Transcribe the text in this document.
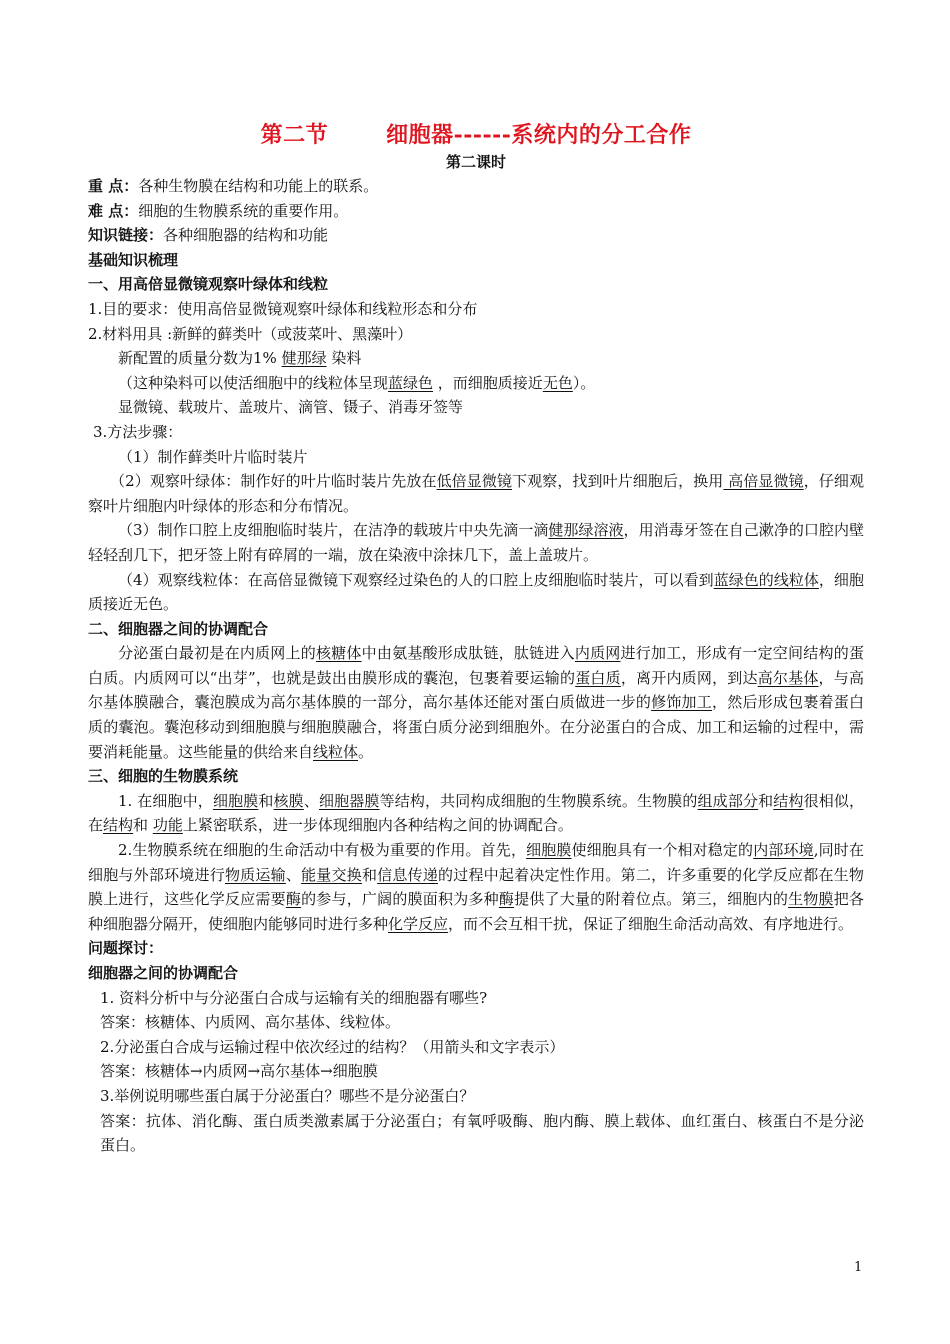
第二节	细胞器------系统内的分工合作
第二课时

重 点：各种生物膜在结构和功能上的联系。

难 点：细胞的生物膜系统的重要作用。

知识链接：各种细胞器的结构和功能

基础知识梳理

一、用高倍显微镜观察叶绿体和线粒

1.目的要求：使用高倍显微镜观察叶绿体和线粒形态和分布

2.材料用具 :新鲜的藓类叶（或菠菜叶、黑藻叶）

新配置的质量分数为1% 健那绿 染料

（这种染料可以使活细胞中的线粒体呈现蓝绿色 ，而细胞质接近无色）。

显微镜、载玻片、盖玻片、滴管、镊子、消毒牙签等

3.方法步骤：

（1）制作藓类叶片临时装片

（2）观察叶绿体：制作好的叶片临时装片先放在低倍显微镜下观察，找到叶片细胞后，换用 高倍显微镜，仔细观察叶片细胞内叶绿体的形态和分布情况。

（3）制作口腔上皮细胞临时装片，在洁净的载玻片中央先滴一滴健那绿溶液，用消毒牙签在自己漱净的口腔内壁轻轻刮几下，把牙签上附有碎屑的一端，放在染液中涂抹几下，盖上盖玻片。

（4）观察线粒体：在高倍显微镜下观察经过染色的人的口腔上皮细胞临时装片，可以看到蓝绿色的线粒体，细胞质接近无色。

二、细胞器之间的协调配合

分泌蛋白最初是在内质网上的核糖体中由氨基酸形成肽链，肽链进入内质网进行加工，形成有一定空间结构的蛋白质。内质网可以“出芽”，也就是鼓出由膜形成的囊泡，包裹着要运输的蛋白质，离开内质网，到达高尔基体，与高尔基体膜融合，囊泡膜成为高尔基体膜的一部分，高尔基体还能对蛋白质做进一步的修饰加工，然后形成包裹着蛋白质的囊泡。囊泡移动到细胞膜与细胞膜融合，将蛋白质分泌到细胞外。在分泌蛋白的合成、加工和运输的过程中，需要消耗能量。这些能量的供给来自线粒体。

三、细胞的生物膜系统

1. 在细胞中，细胞膜和核膜、细胞器膜等结构，共同构成细胞的生物膜系统。生物膜的组成部分和结构很相似，在结构和 功能上紧密联系，进一步体现细胞内各种结构之间的协调配合。

2.生物膜系统在细胞的生命活动中有极为重要的作用。首先，细胞膜使细胞具有一个相对稳定的内部环境,同时在细胞与外部环境进行物质运输、能量交换和信息传递的过程中起着决定性作用。第二，许多重要的化学反应都在生物膜上进行，这些化学反应需要酶的参与，广阔的膜面积为多种酶提供了大量的附着位点。第三，细胞内的生物膜把各种细胞器分隔开，使细胞内能够同时进行多种化学反应，而不会互相干扰，保证了细胞生命活动高效、有序地进行。

问题探讨：

细胞器之间的协调配合

1. 资料分析中与分泌蛋白合成与运输有关的细胞器有哪些?

答案：核糖体、内质网、高尔基体、线粒体。

2.分泌蛋白合成与运输过程中依次经过的结构？（用箭头和文字表示）

答案：核糖体→内质网→高尔基体→细胞膜

3.举例说明哪些蛋白属于分泌蛋白？哪些不是分泌蛋白？

答案：抗体、消化酶、蛋白质类激素属于分泌蛋白；有氧呼吸酶、胞内酶、膜上载体、血红蛋白、核蛋白不是分泌蛋白。

1
